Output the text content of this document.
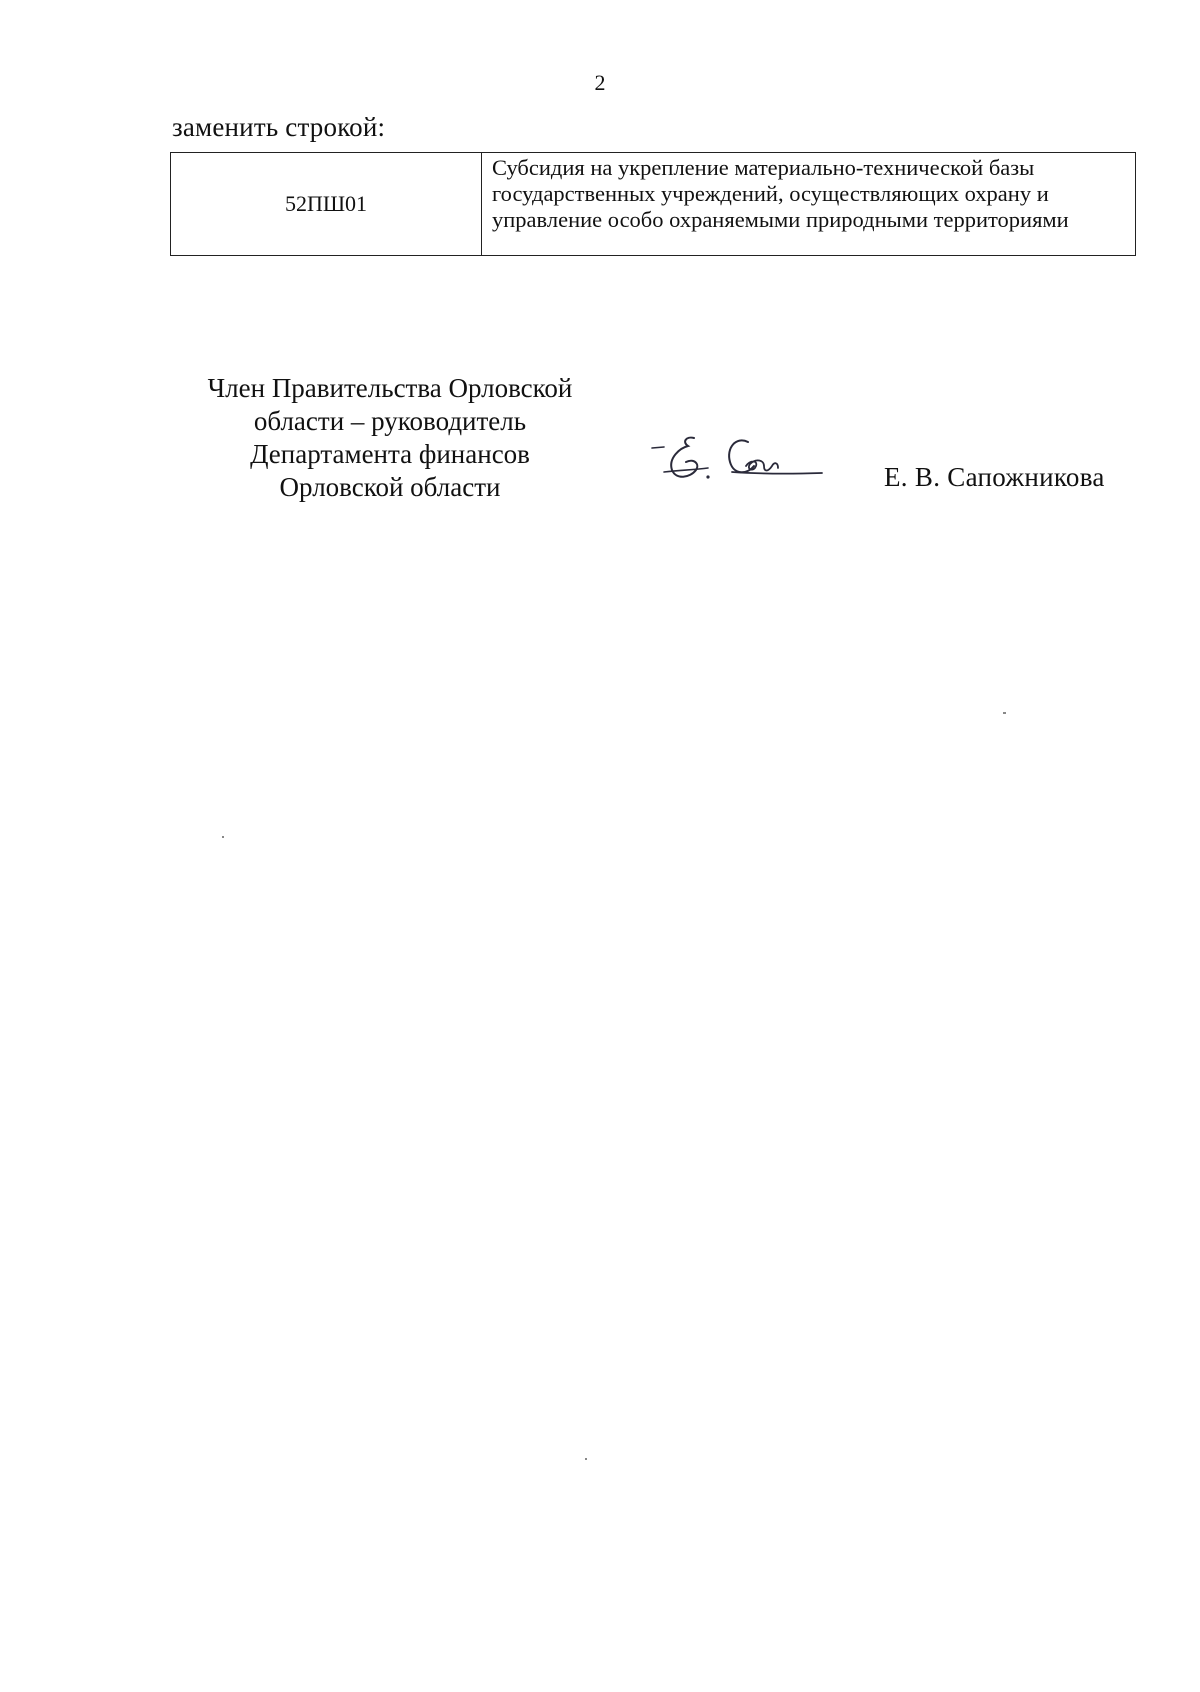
2
заменить строкой:
52ПШ01	Субсидия на укрепление материально-технической базы государственных учреждений, осуществляющих охрану и управление особо охраняемыми природными территориями
Член Правительства Орловской
области – руководитель
Департамента финансов
Орловской области	Е. В. Сапожникова
